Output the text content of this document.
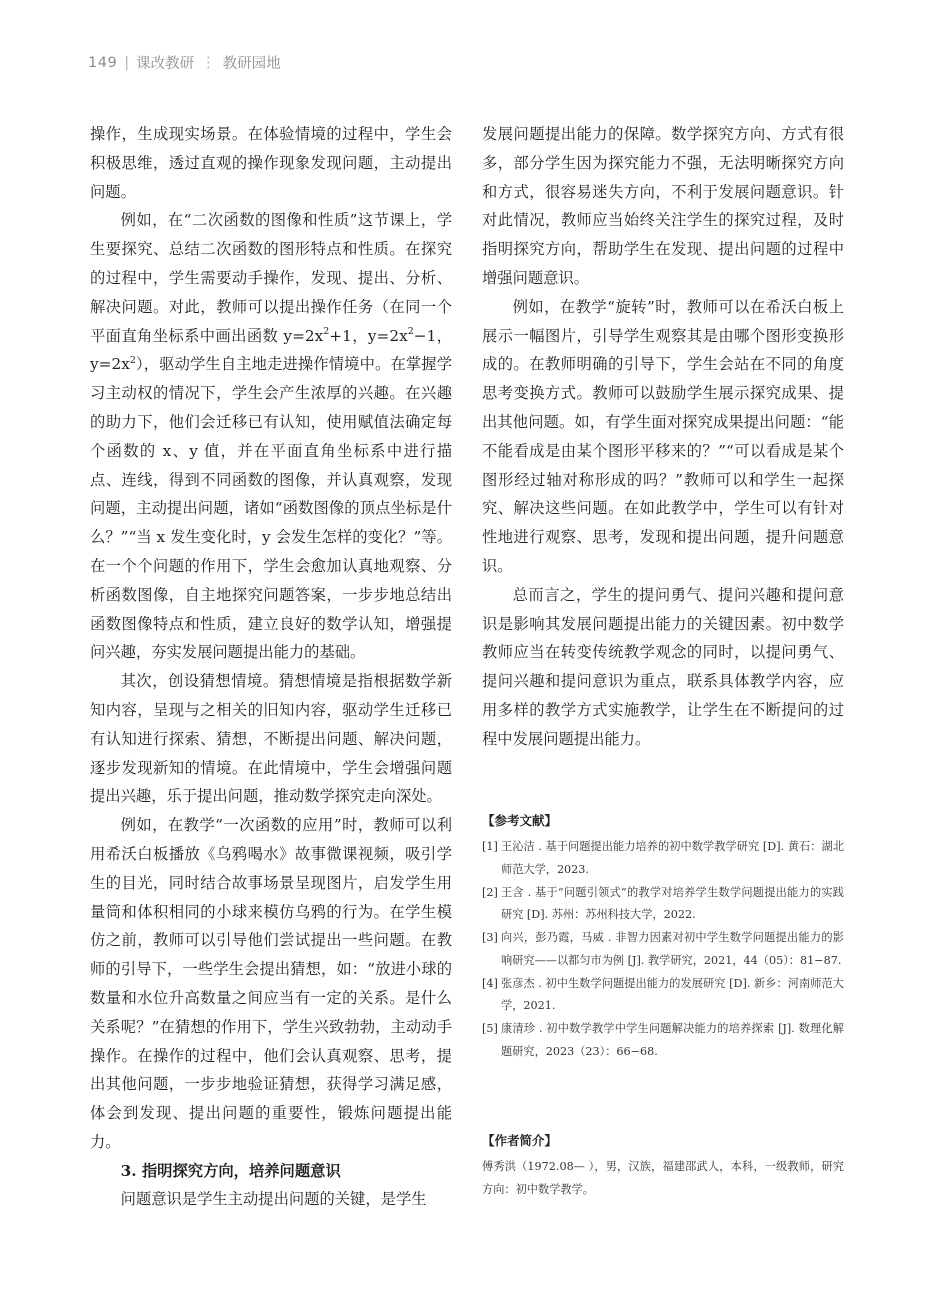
149 | 课改教研 ⋮ 教研园地

操作，生成现实场景。在体验情境的过程中，学生会积极思维，透过直观的操作现象发现问题，主动提出问题。

例如，在“二次函数的图像和性质”这节课上，学生要探究、总结二次函数的图形特点和性质。在探究的过程中，学生需要动手操作，发现、提出、分析、解决问题。对此，教师可以提出操作任务（在同一个平面直角坐标系中画出函数 $y=2x^2+1$，$y=2x^2-1$，$y=2x^2$），驱动学生自主地走进操作情境中。在掌握学习主动权的情况下，学生会产生浓厚的兴趣。在兴趣的助力下，他们会迁移已有认知，使用赋值法确定每个函数的 x、y 值，并在平面直角坐标系中进行描点、连线，得到不同函数的图像，并认真观察，发现问题，主动提出问题，诸如“函数图像的顶点坐标是什么？”“当 x 发生变化时，y 会发生怎样的变化？”等。在一个个问题的作用下，学生会愈加认真地观察、分析函数图像，自主地探究问题答案，一步步地总结出函数图像特点和性质，建立良好的数学认知，增强提问兴趣，夯实发展问题提出能力的基础。

其次，创设猜想情境。猜想情境是指根据数学新知内容，呈现与之相关的旧知内容，驱动学生迁移已有认知进行探索、猜想，不断提出问题、解决问题，逐步发现新知的情境。在此情境中，学生会增强问题提出兴趣，乐于提出问题，推动数学探究走向深处。

例如，在教学“一次函数的应用”时，教师可以利用希沃白板播放《乌鸦喝水》故事微课视频，吸引学生的目光，同时结合故事场景呈现图片，启发学生用量筒和体积相同的小球来模仿乌鸦的行为。在学生模仿之前，教师可以引导他们尝试提出一些问题。在教师的引导下，一些学生会提出猜想，如：“放进小球的数量和水位升高数量之间应当有一定的关系。是什么关系呢？”在猜想的作用下，学生兴致勃勃，主动动手操作。在操作的过程中，他们会认真观察、思考，提出其他问题，一步步地验证猜想，获得学习满足感，体会到发现、提出问题的重要性，锻炼问题提出能力。

3. 指明探究方向，培养问题意识

问题意识是学生主动提出问题的关键，是学生

发展问题提出能力的保障。数学探究方向、方式有很多，部分学生因为探究能力不强，无法明晰探究方向和方式，很容易迷失方向，不利于发展问题意识。针对此情况，教师应当始终关注学生的探究过程，及时指明探究方向，帮助学生在发现、提出问题的过程中增强问题意识。

例如，在教学“旋转”时，教师可以在希沃白板上展示一幅图片，引导学生观察其是由哪个图形变换形成的。在教师明确的引导下，学生会站在不同的角度思考变换方式。教师可以鼓励学生展示探究成果、提出其他问题。如，有学生面对探究成果提出问题：“能不能看成是由某个图形平移来的？”“可以看成是某个图形经过轴对称形成的吗？”教师可以和学生一起探究、解决这些问题。在如此教学中，学生可以有针对性地进行观察、思考，发现和提出问题，提升问题意识。

总而言之，学生的提问勇气、提问兴趣和提问意识是影响其发展问题提出能力的关键因素。初中数学教师应当在转变传统教学观念的同时，以提问勇气、提问兴趣和提问意识为重点，联系具体教学内容，应用多样的教学方式实施教学，让学生在不断提问的过程中发展问题提出能力。

【参考文献】
[1] 王沁洁 . 基于问题提出能力培养的初中数学教学研究 [D]. 黄石：湖北师范大学，2023.
[2] 王含 . 基于“问题引领式”的教学对培养学生数学问题提出能力的实践研究 [D]. 苏州：苏州科技大学，2022.
[3] 向兴，彭乃霞，马威 . 非智力因素对初中学生数学问题提出能力的影响研究——以都匀市为例 [J]. 教学研究，2021，44（05）：81−87.
[4] 张彦杰 . 初中生数学问题提出能力的发展研究 [D]. 新乡：河南师范大学，2021.
[5] 康清珍 . 初中数学教学中学生问题解决能力的培养探索 [J]. 数理化解题研究，2023（23）：66−68.
【作者简介】

傅秀洪（1972.08— ），男，汉族，福建邵武人，本科，一级教师，研究方向：初中数学教学。
